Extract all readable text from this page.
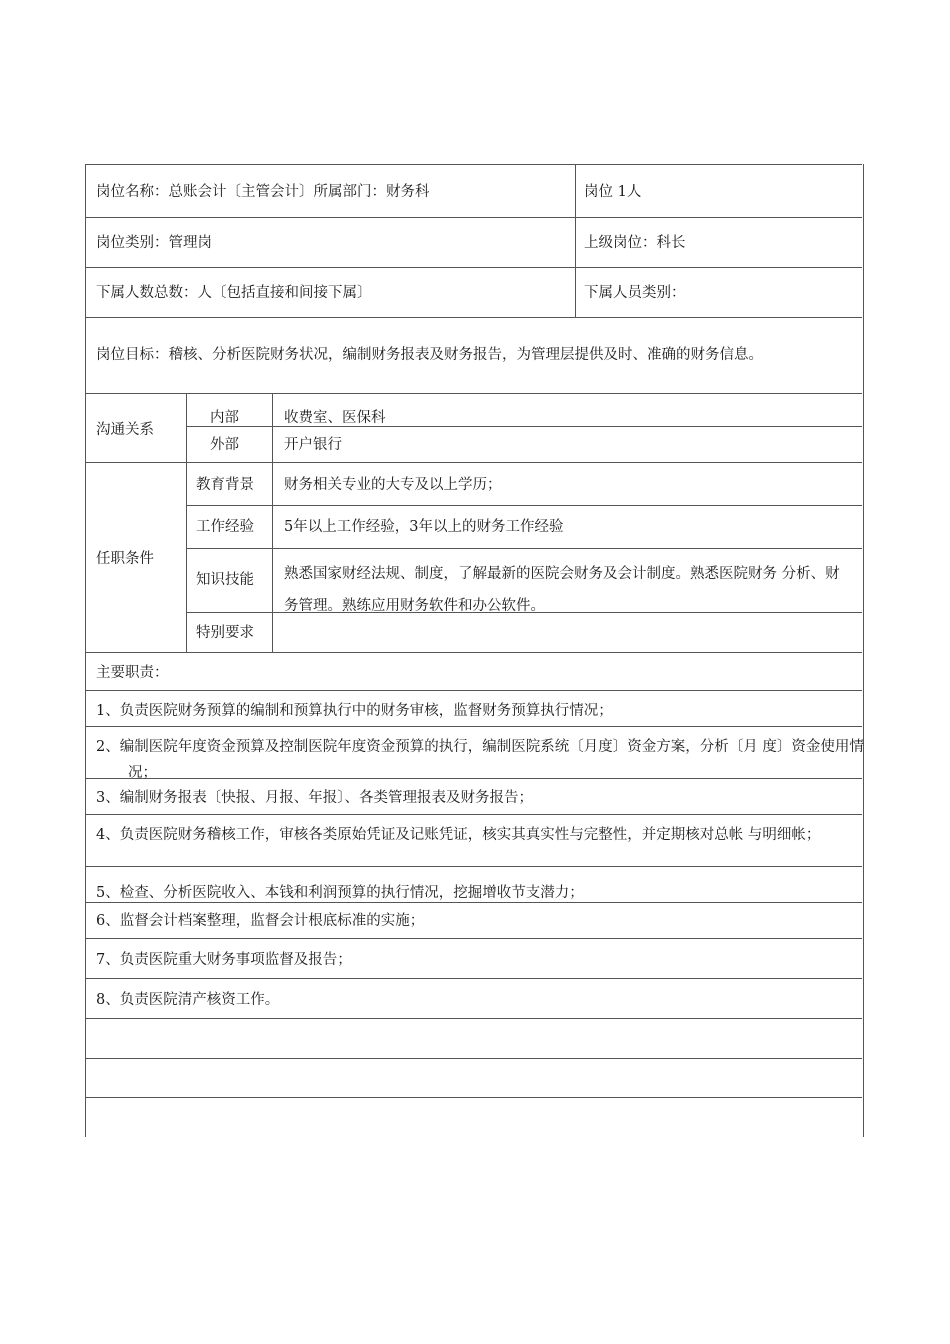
岗位名称：总账会计〔主管会计〕所属部门：财务科	岗位 1人
岗位类别：管理岗	上级岗位：科长
下属人数总数：人〔包括直接和间接下属〕	下属人员类别：
岗位目标：稽核、分析医院财务状况，编制财务报表及财务报告，为管理层提供及时、准确的财务信息。
沟通关系
内部	收费室、医保科
外部	开户银行
任职条件
教育背景 财务相关专业的大专及以上学历；
工作经验 5年以上工作经验，3年以上的财务工作经验
知识技能 熟悉国家财经法规、制度，了解最新的医院会财务及会计制度。熟悉医院财务 分析、财务管理。熟练应用财务软件和办公软件。
特别要求
主要职责：
1、负责医院财务预算的编制和预算执行中的财务审核，监督财务预算执行情况；
2、编制医院年度资金预算及控制医院年度资金预算的执行，编制医院系统〔月度〕资金方案，分析〔月 度〕资金使用情况；
3、编制财务报表〔快报、月报、年报〕、各类管理报表及财务报告；
4、负责医院财务稽核工作，审核各类原始凭证及记账凭证，核实其真实性与完整性，并定期核对总帐 与明细帐；
5、检查、分析医院收入、本钱和利润预算的执行情况，挖掘增收节支潜力；
6、监督会计档案整理，监督会计根底标准的实施；
7、负责医院重大财务事项监督及报告；
8、负责医院清产核资工作。
